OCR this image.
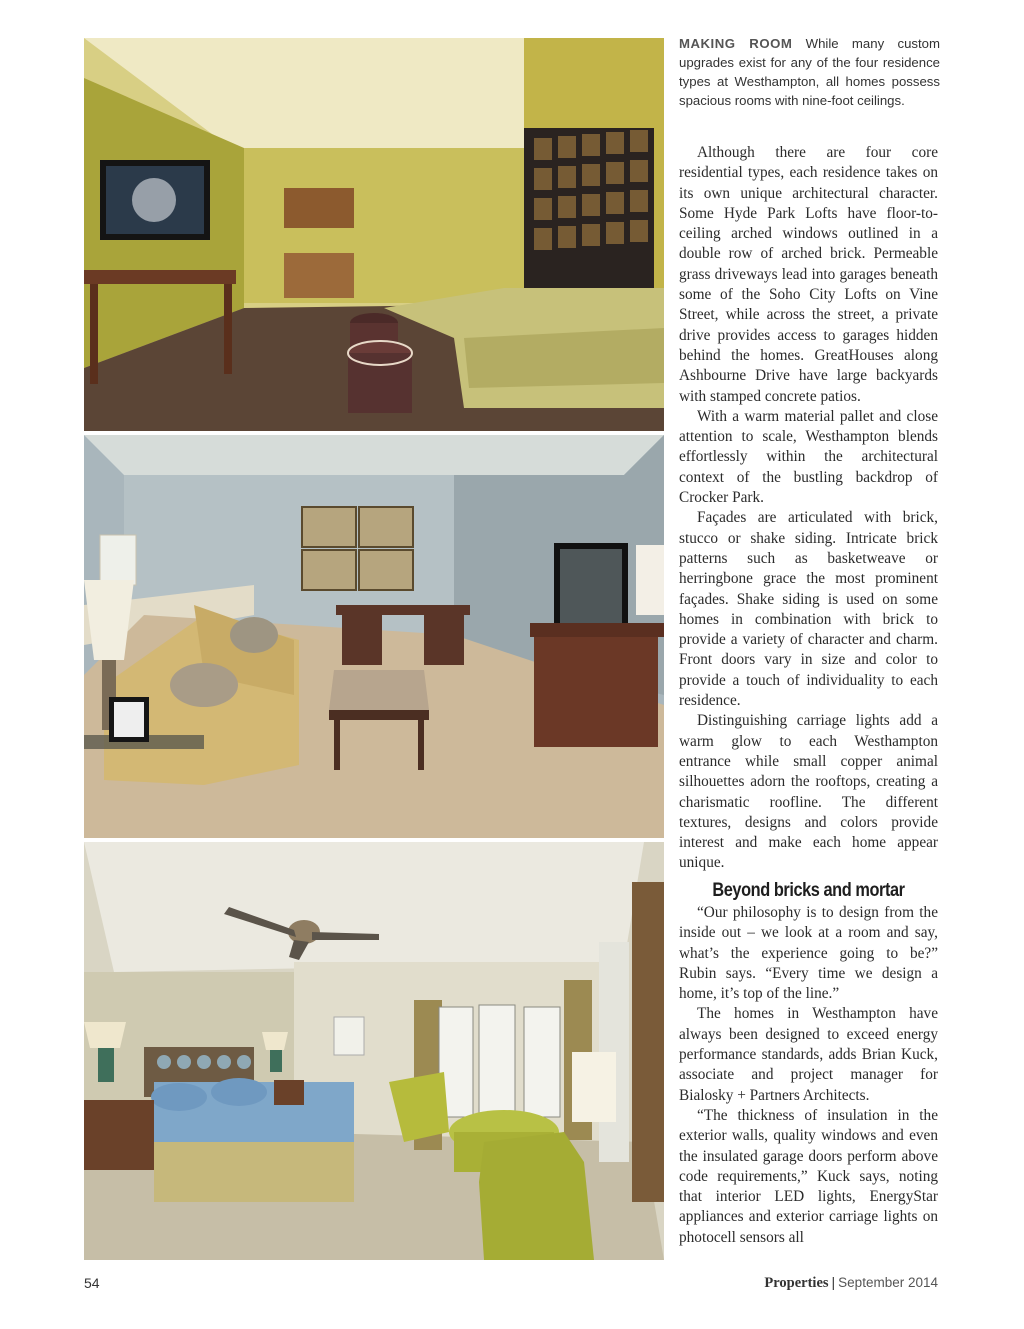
MAKING ROOM While many custom upgrades exist for any of the four residence types at Westhampton, all homes possess spacious rooms with nine-foot ceilings.

Although there are four core residential types, each residence takes on its own unique architectural character. Some Hyde Park Lofts have floor-to-ceiling arched windows outlined in a double row of arched brick. Permeable grass driveways lead into garages beneath some of the Soho City Lofts on Vine Street, while across the street, a private drive provides access to garages hidden behind the homes. GreatHouses along Ashbourne Drive have large backyards with stamped concrete patios.

With a warm material pallet and close attention to scale, Westhampton blends effortlessly within the architectural context of the bustling backdrop of Crocker Park.

Façades are articulated with brick, stucco or shake siding. Intricate brick patterns such as basketweave or herringbone grace the most prominent façades. Shake siding is used on some homes in combination with brick to provide a variety of character and charm. Front doors vary in size and color to provide a touch of individuality to each residence.

Distinguishing carriage lights add a warm glow to each Westhampton entrance while small copper animal silhouettes adorn the rooftops, creating a charismatic roofline. The different textures, designs and colors provide interest and make each home appear unique.

Beyond bricks and mortar

“Our philosophy is to design from the inside out – we look at a room and say, what’s the experience going to be?” Rubin says. “Every time we design a home, it’s top of the line.”

The homes in Westhampton have always been designed to exceed energy performance standards, adds Brian Kuck, associate and project manager for Bialosky + Partners Architects.

“The thickness of insulation in the exterior walls, quality windows and even the insulated garage doors perform above code requirements,” Kuck says, noting that interior LED lights, EnergyStar appliances and exterior carriage lights on photocell sensors all

54	Properties | September 2014
